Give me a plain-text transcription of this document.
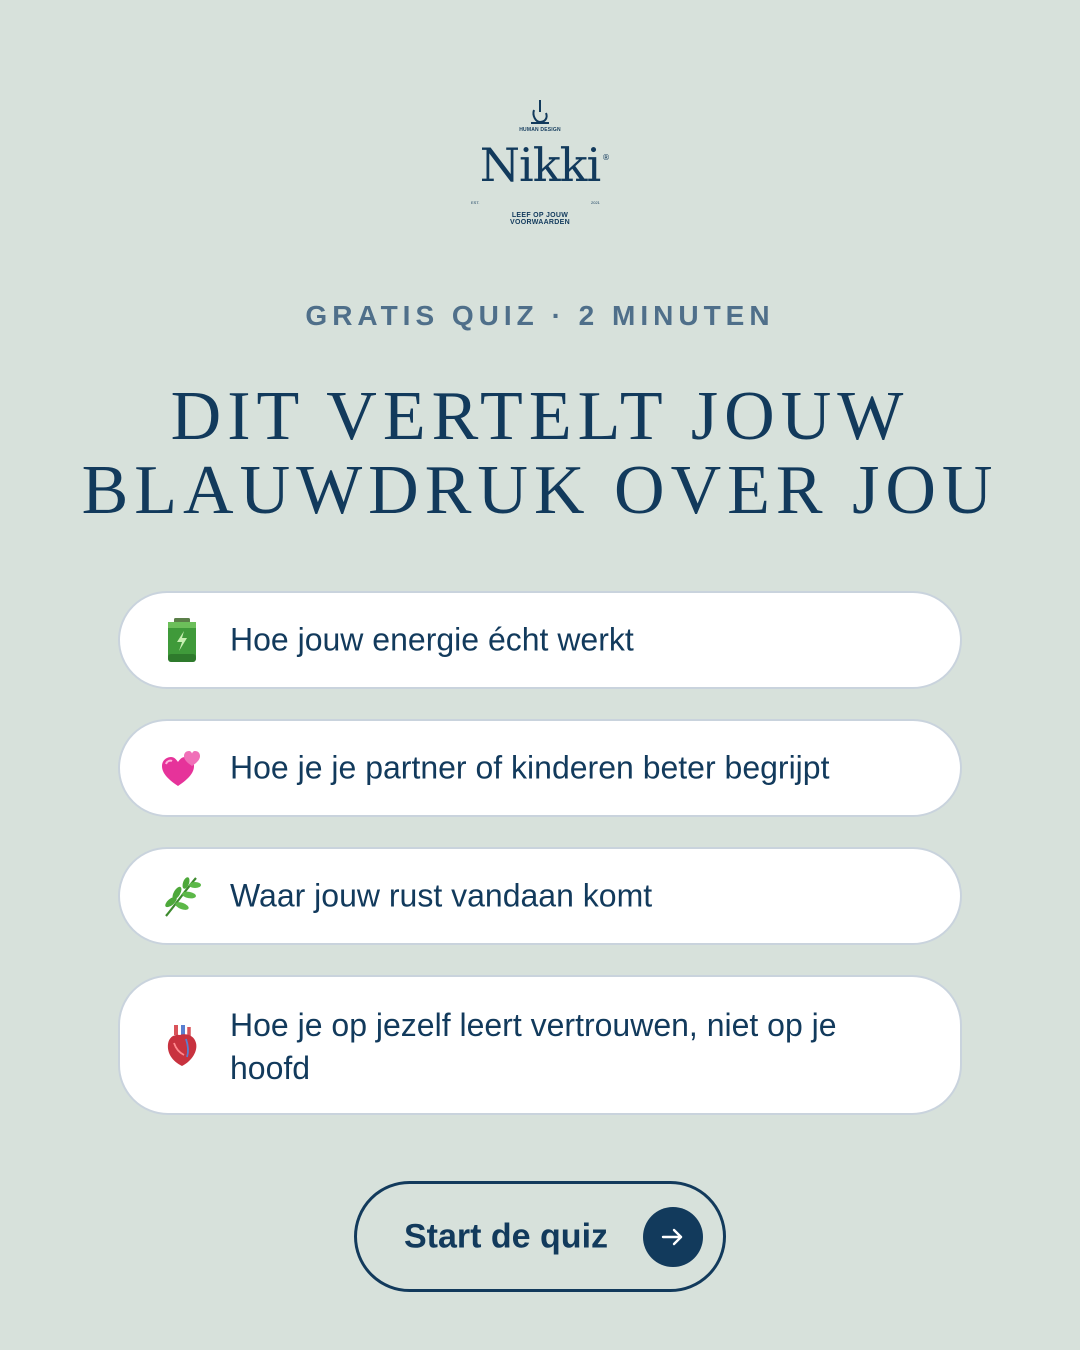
HUMAN DESIGN
Nikki ®
EST.	2021
LEEF OP JOUW
VOORWAARDEN
GRATIS QUIZ · 2 MINUTEN
DIT VERTELT JOUW
BLAUWDRUK OVER JOU
Hoe jouw energie écht werkt
Hoe je je partner of kinderen beter begrijpt
Waar jouw rust vandaan komt
Hoe je op jezelf leert vertrouwen, niet op je hoofd
Start de quiz
